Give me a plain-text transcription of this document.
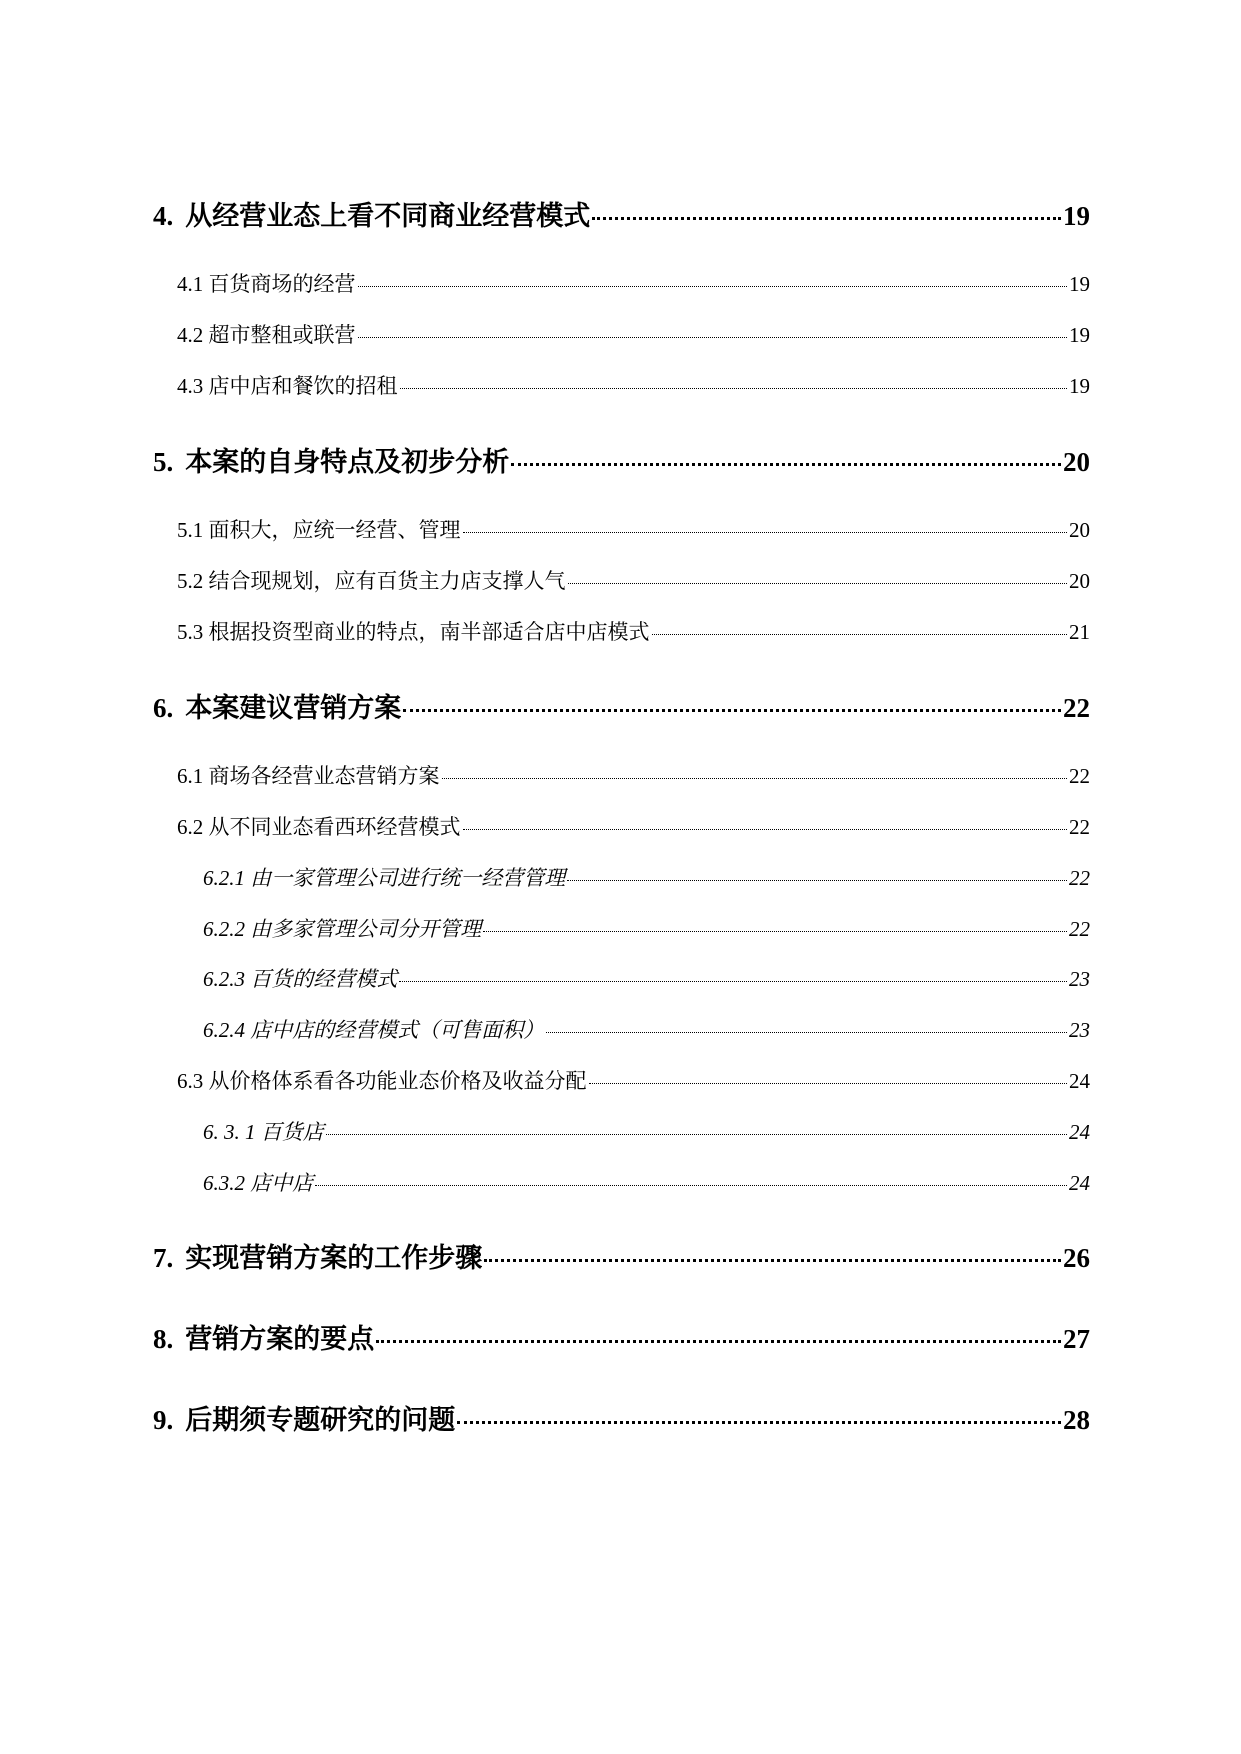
4. 从经营业态上看不同商业经营模式	19
4.1 百货商场的经营	19
4.2 超市整租或联营	19
4.3 店中店和餐饮的招租	19
5. 本案的自身特点及初步分析	20
5.1 面积大，应统一经营、管理	20
5.2 结合现规划，应有百货主力店支撑人气	20
5.3 根据投资型商业的特点，南半部适合店中店模式	21
6. 本案建议营销方案	22
6.1 商场各经营业态营销方案	22
6.2 从不同业态看西环经营模式	22
6.2.1 由一家管理公司进行统一经营管理	22
6.2.2 由多家管理公司分开管理	22
6.2.3 百货的经营模式	23
6.2.4 店中店的经营模式（可售面积）	23
6.3 从价格体系看各功能业态价格及收益分配	24
6. 3. 1 百货店	24
6.3.2 店中店	24
7. 实现营销方案的工作步骤	26
8. 营销方案的要点	27
9. 后期须专题研究的问题	28
